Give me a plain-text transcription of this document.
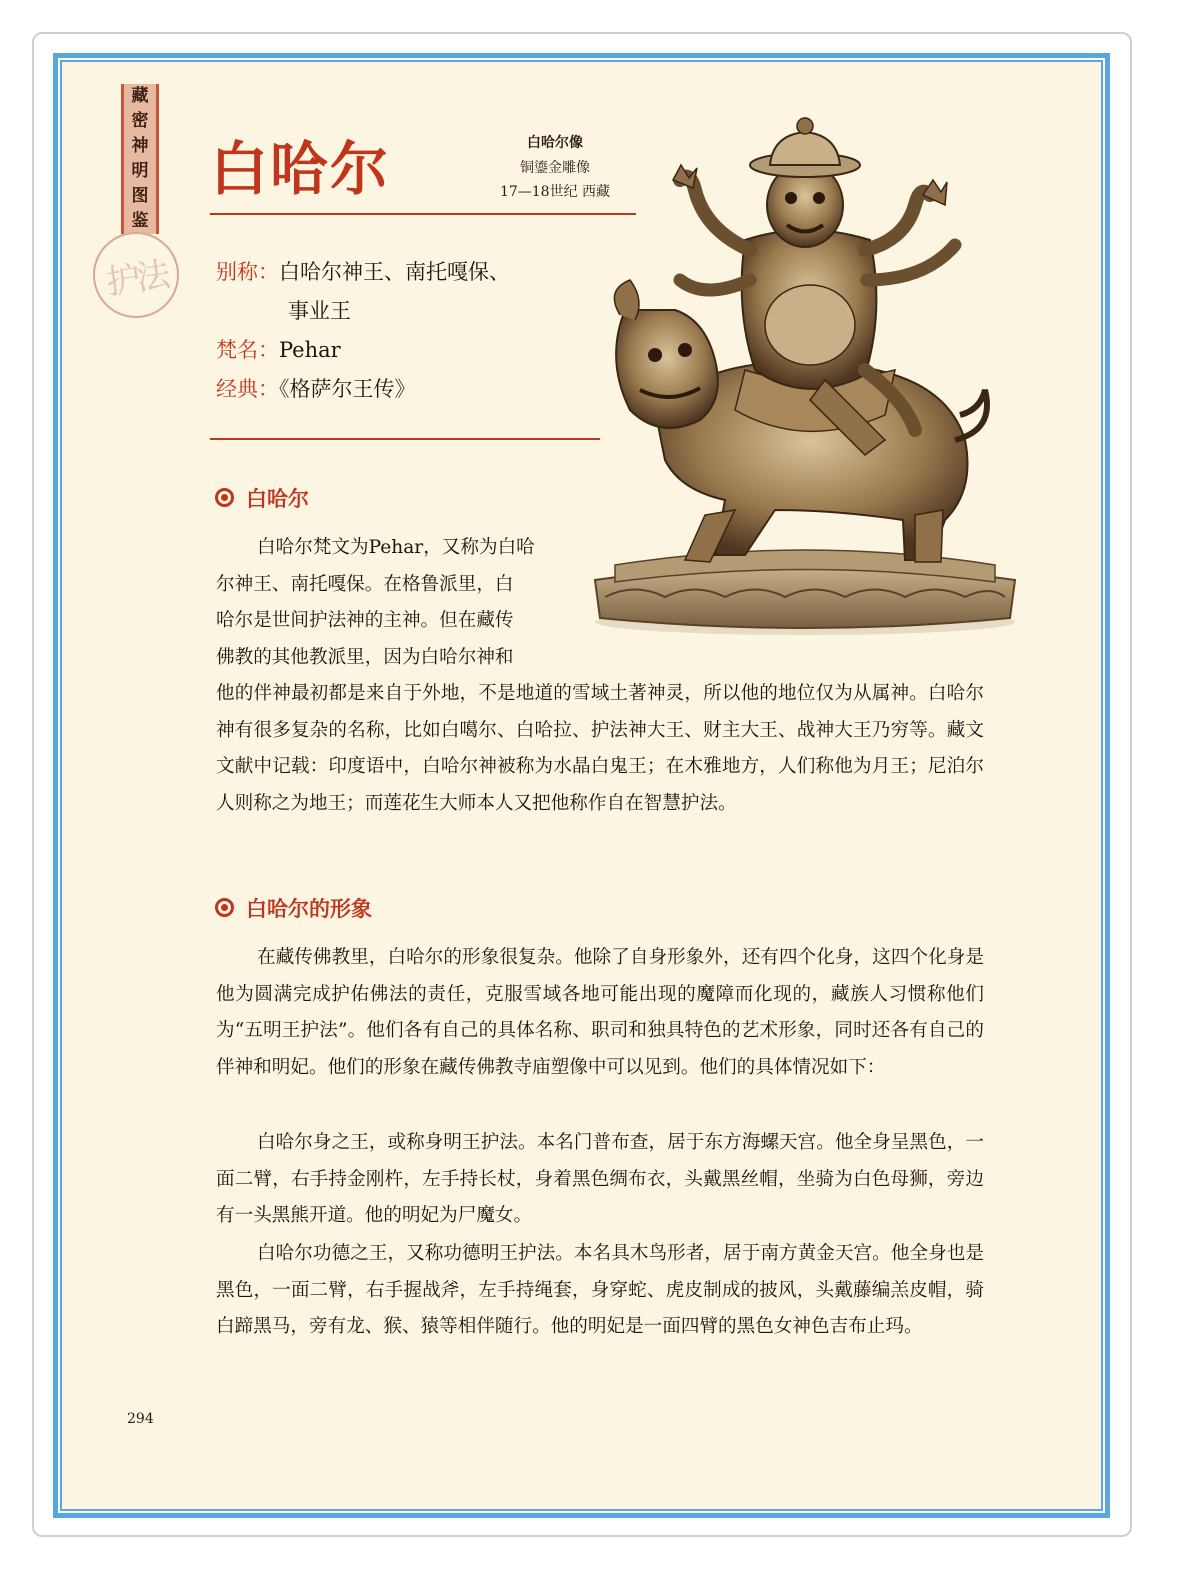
藏
密
神
明
图
鉴
护法
白哈尔	白哈尔像
铜鎏金雕像
17—18世纪 西藏
别称：白哈尔神王、南托嘎保、
事业王
梵名：Pehar
经典：《格萨尔王传》
白哈尔
白哈尔梵文为Pehar，又称为白哈
尔神王、南托嘎保。在格鲁派里，白
哈尔是世间护法神的主神。但在藏传
佛教的其他教派里，因为白哈尔神和

他的伴神最初都是来自于外地，不是地道的雪域土著神灵，所以他的地位仅为从属神。白哈尔神有很多复杂的名称，比如白噶尔、白哈拉、护法神大王、财主大王、战神大王乃穷等。藏文文献中记载：印度语中，白哈尔神被称为水晶白鬼王；在木雅地方，人们称他为月王；尼泊尔人则称之为地王；而莲花生大师本人又把他称作自在智慧护法。

白哈尔的形象

在藏传佛教里，白哈尔的形象很复杂。他除了自身形象外，还有四个化身，这四个化身是他为圆满完成护佑佛法的责任，克服雪域各地可能出现的魔障而化现的，藏族人习惯称他们为“五明王护法”。他们各有自己的具体名称、职司和独具特色的艺术形象，同时还各有自己的伴神和明妃。他们的形象在藏传佛教寺庙塑像中可以见到。他们的具体情况如下：

白哈尔身之王，或称身明王护法。本名门普布查，居于东方海螺天宫。他全身呈黑色，一面二臂，右手持金刚杵，左手持长杖，身着黑色绸布衣，头戴黑丝帽，坐骑为白色母狮，旁边有一头黑熊开道。他的明妃为尸魔女。

白哈尔功德之王，又称功德明王护法。本名具木鸟形者，居于南方黄金天宫。他全身也是黑色，一面二臂，右手握战斧，左手持绳套，身穿蛇、虎皮制成的披风，头戴藤编羔皮帽，骑白蹄黑马，旁有龙、猴、猿等相伴随行。他的明妃是一面四臂的黑色女神色吉布止玛。

294
